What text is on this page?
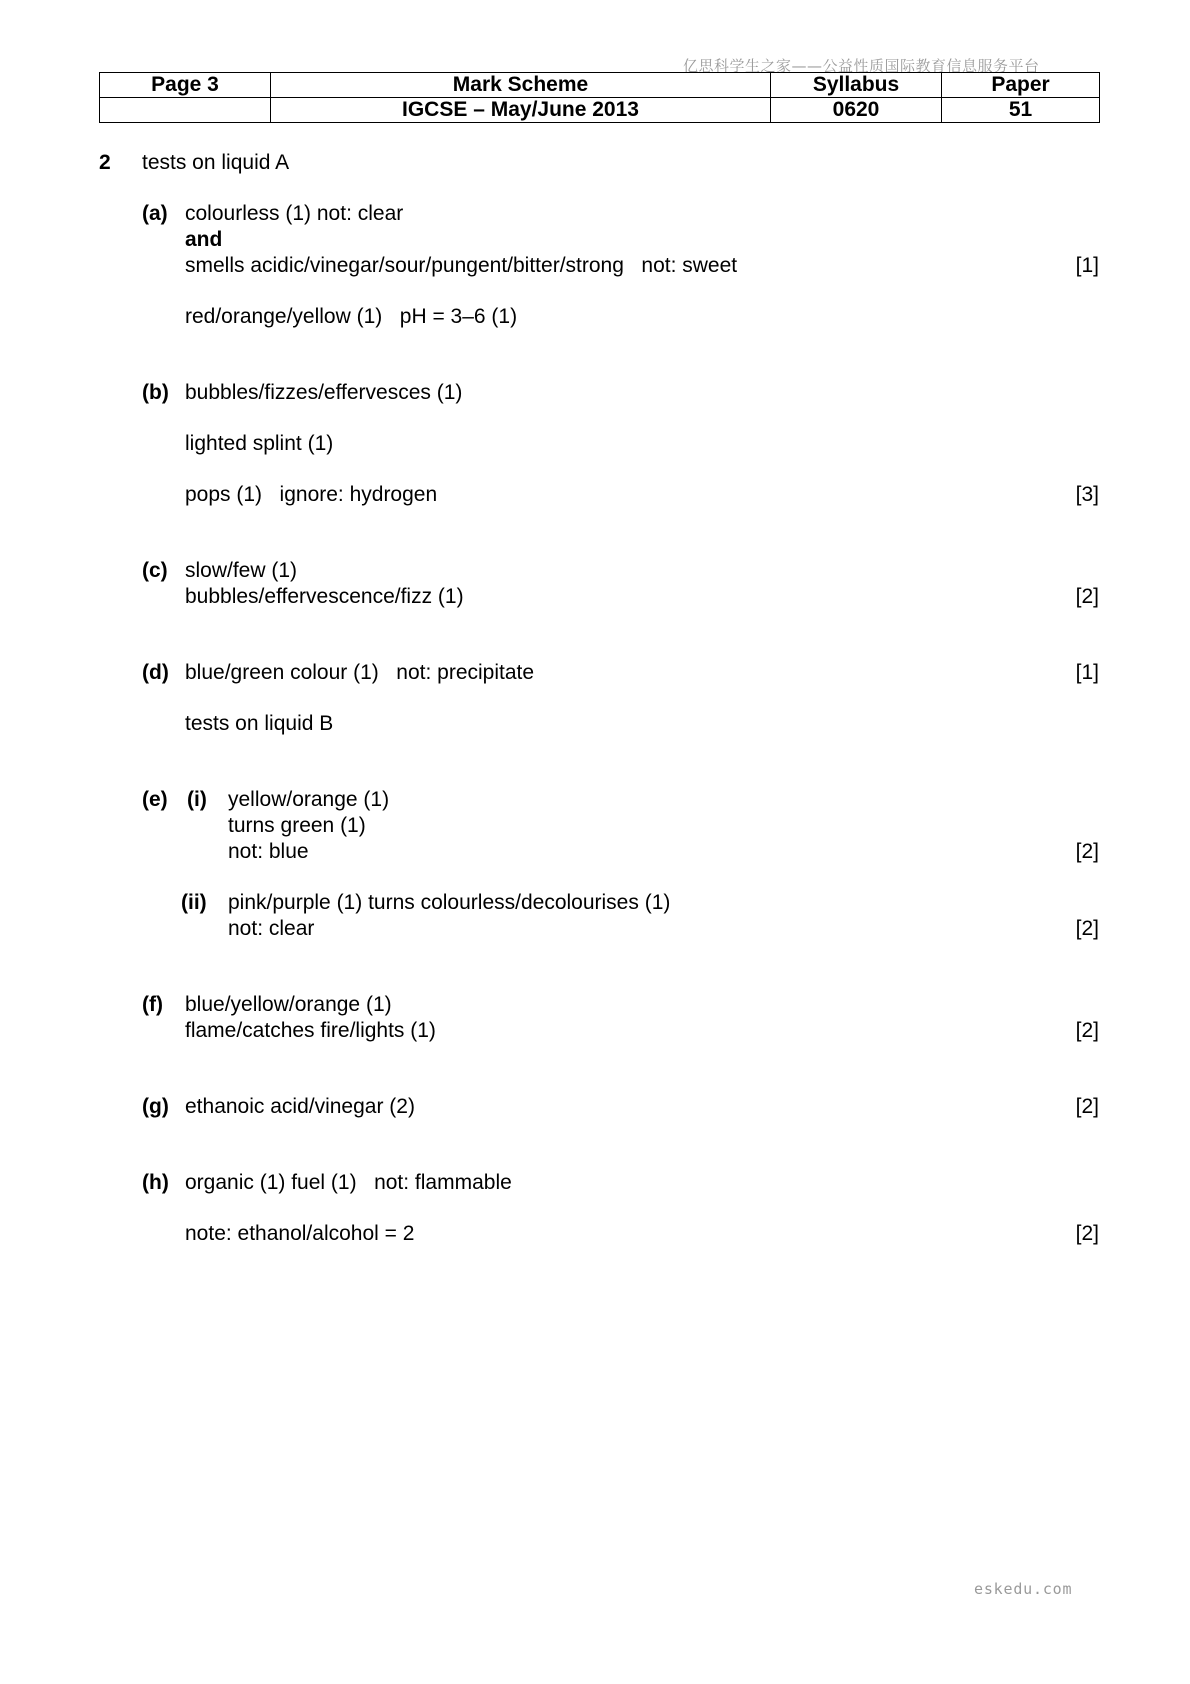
亿思科学生之家——公益性质国际教育信息服务平台
Page 3	Mark Scheme	Syllabus	Paper
	IGCSE – May/June 2013	0620	51
2 tests on liquid A
(a) colourless (1) not: clear
and
smells acidic/vinegar/sour/pungent/bitter/strong   not: sweet	[1]
red/orange/yellow (1)   pH = 3–6 (1)
(b) bubbles/fizzes/effervesces (1)
lighted splint (1)
pops (1)   ignore: hydrogen	[3]
(c) slow/few (1)
bubbles/effervescence/fizz (1)	[2]
(d) blue/green colour (1)   not: precipitate	[1]
tests on liquid B
(e) (i) yellow/orange (1)
turns green (1)
not: blue	[2]
(ii) pink/purple (1) turns colourless/decolourises (1)
not: clear	[2]
(f) blue/yellow/orange (1)
flame/catches fire/lights (1)	[2]
(g) ethanoic acid/vinegar (2)	[2]
(h) organic (1) fuel (1)   not: flammable
note: ethanol/alcohol = 2	[2]
eskedu.com
